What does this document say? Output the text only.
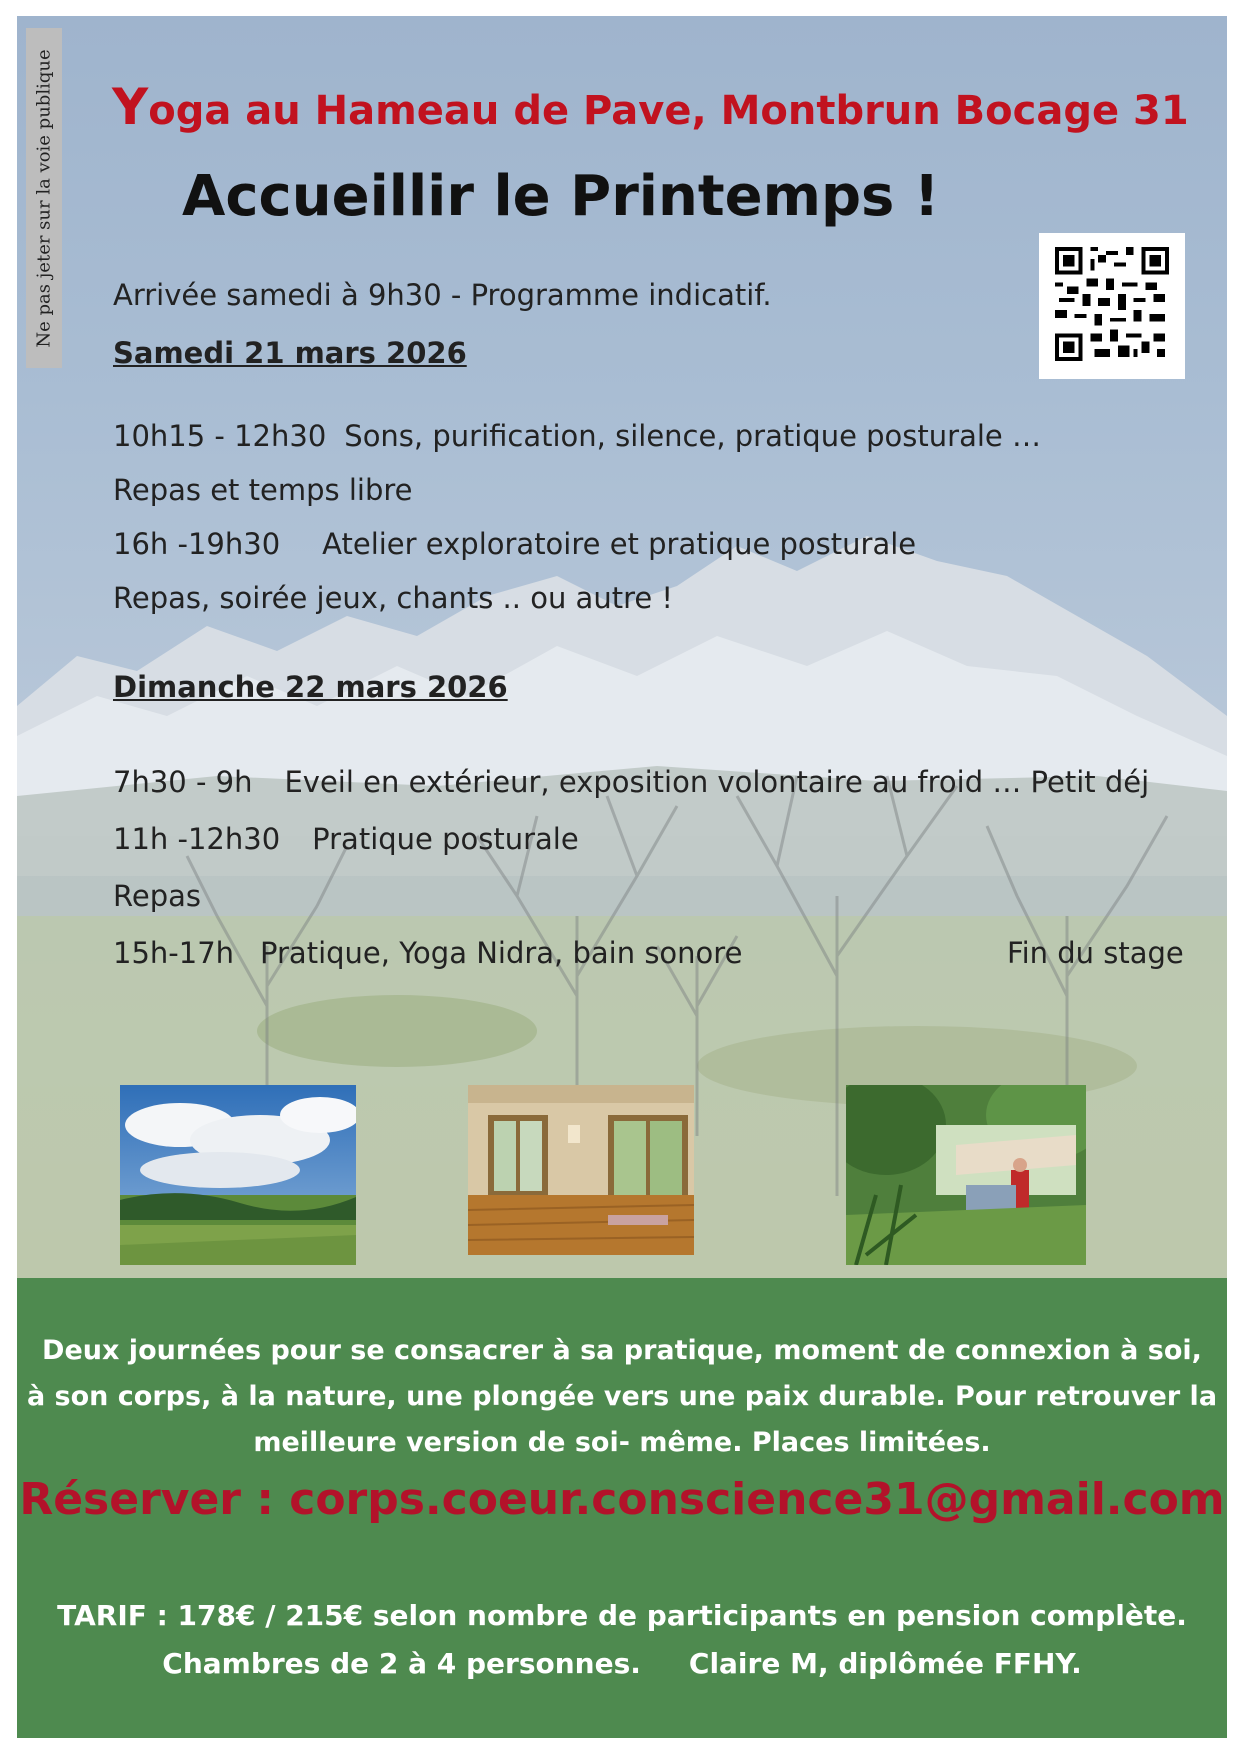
Ne pas jeter sur la voie publique Yoga au Hameau de Pave, Montbrun Bocage 31
Accueillir le Printemps !
Arrivée samedi à 9h30 - Programme indicatif.
Samedi 21 mars 2026
10h15 - 12h30 Sons, purification, silence, pratique posturale …
Repas et temps libre
16h -19h30 Atelier exploratoire et pratique posturale
Repas, soirée jeux, chants .. ou autre !
Dimanche 22 mars 2026
7h30 - 9h Eveil en extérieur, exposition volontaire au froid … Petit déj
11h -12h30 Pratique posturale
Repas
15h-17h Pratique, Yoga Nidra, bain sonore	Fin du stage
Deux journées pour se consacrer à sa pratique, moment de connexion à soi,
à son corps, à la nature, une plongée vers une paix durable. Pour retrouver la
meilleure version de soi- même. Places limitées.
Réserver : corps.coeur.conscience31@gmail.com
TARIF : 178€ / 215€ selon nombre de participants en pension complète.
Chambres de 2 à 4 personnes. Claire M, diplômée FFHY.
